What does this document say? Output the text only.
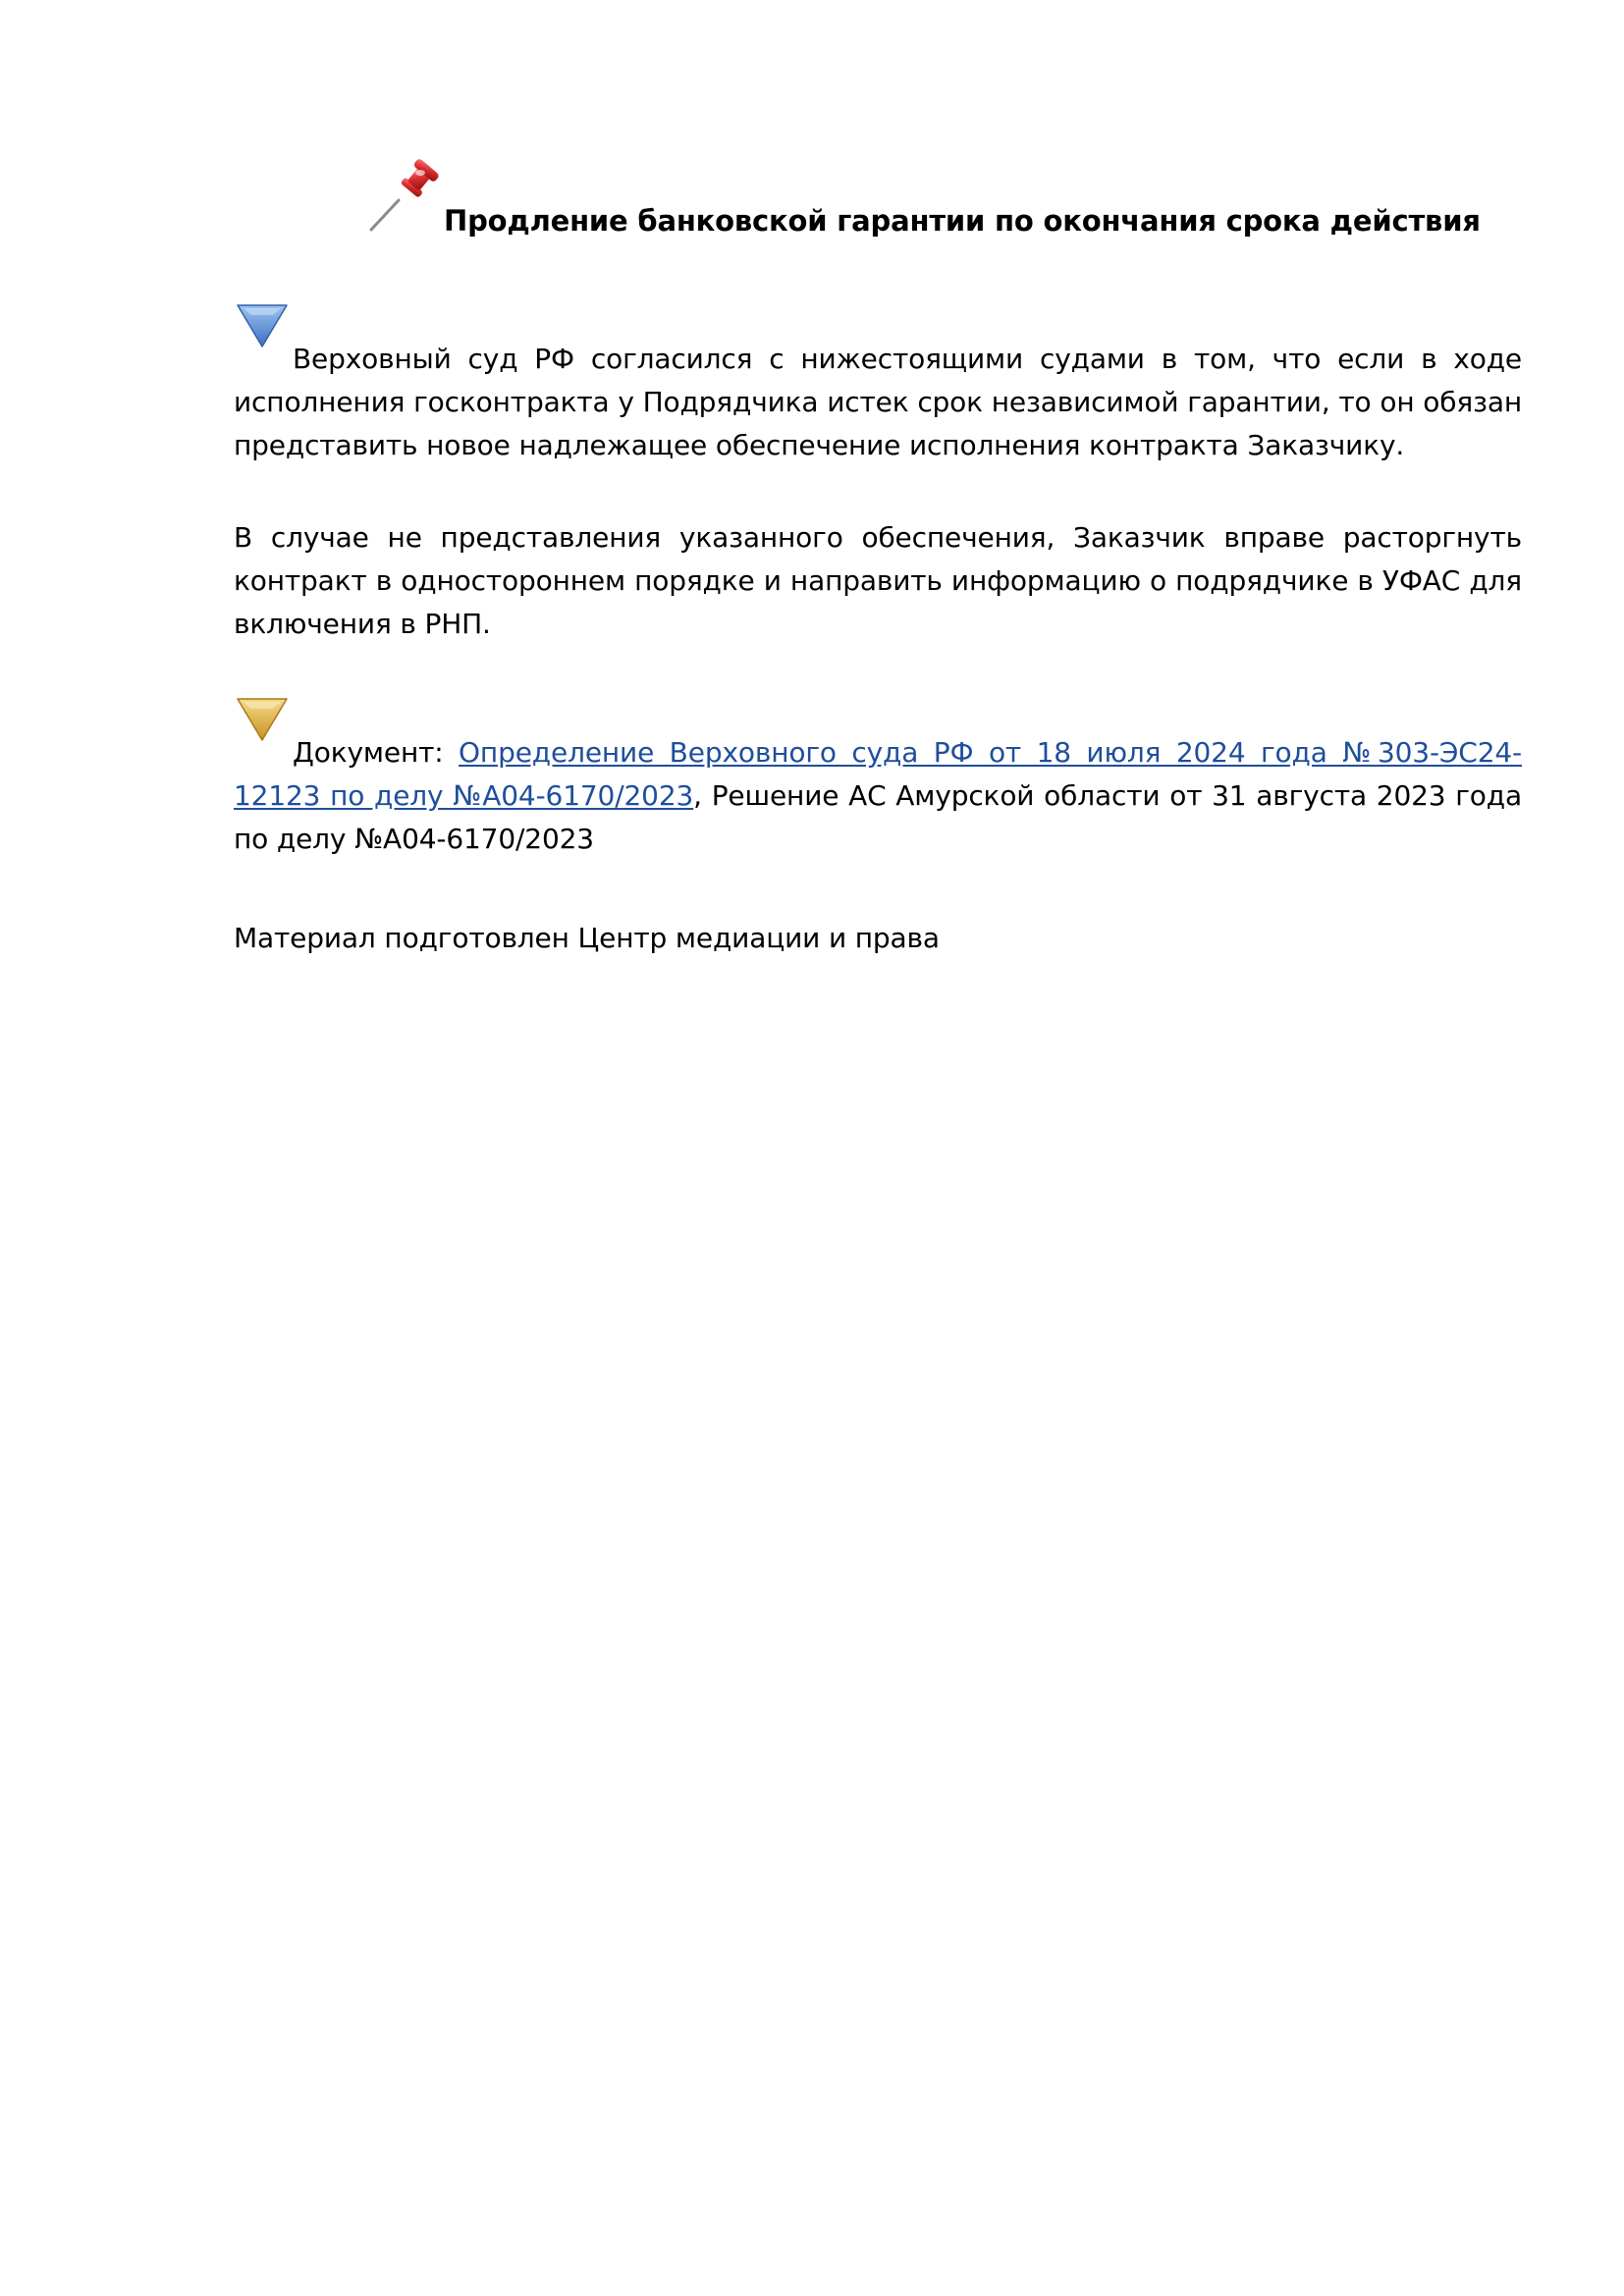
Продление банковской гарантии по окончания срока действия
Верховный суд РФ согласился с нижестоящими судами в том, что если в ходе исполнения госконтракта у Подрядчика истек срок независимой гарантии, то он обязан представить новое надлежащее обеспечение исполнения контракта Заказчику.
В случае не представления указанного обеспечения, Заказчик вправе расторгнуть контракт в одностороннем порядке и направить информацию о подрядчике в УФАС для включения в РНП.
Документ: Определение Верховного суда РФ от 18 июля 2024 года №303-ЭС24-12123 по делу №А04-6170/2023, Решение АС Амурской области от 31 августа 2023 года по делу №А04-6170/2023
Материал подготовлен Центр медиации и права
